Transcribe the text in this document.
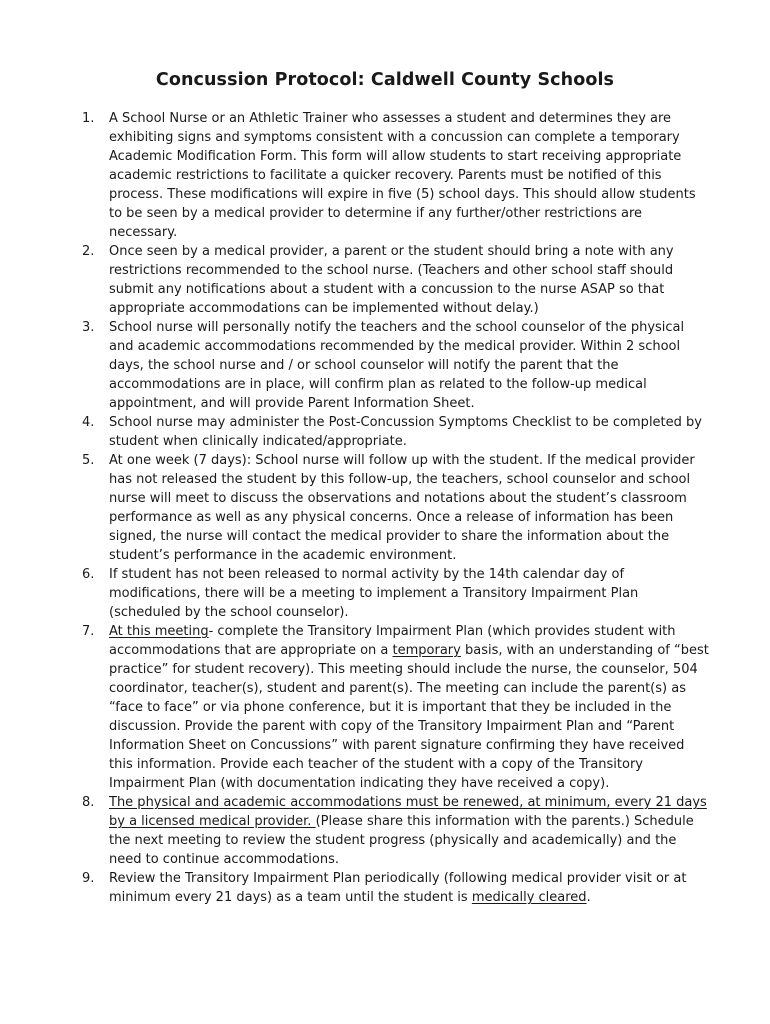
Concussion Protocol: Caldwell County Schools
1. A School Nurse or an Athletic Trainer who assesses a student and determines they are exhibiting signs and symptoms consistent with a concussion can complete a temporary Academic Modification Form. This form will allow students to start receiving appropriate academic restrictions to facilitate a quicker recovery. Parents must be notified of this process. These modifications will expire in five (5) school days. This should allow students to be seen by a medical provider to determine if any further/other restrictions are necessary.
2. Once seen by a medical provider, a parent or the student should bring a note with any restrictions recommended to the school nurse. (Teachers and other school staff should submit any notifications about a student with a concussion to the nurse ASAP so that appropriate accommodations can be implemented without delay.)
3. School nurse will personally notify the teachers and the school counselor of the physical and academic accommodations recommended by the medical provider. Within 2 school days, the school nurse and / or school counselor will notify the parent that the accommodations are in place, will confirm plan as related to the follow-up medical appointment, and will provide Parent Information Sheet.
4. School nurse may administer the Post-Concussion Symptoms Checklist to be completed by student when clinically indicated/appropriate.
5. At one week (7 days): School nurse will follow up with the student. If the medical provider has not released the student by this follow-up, the teachers, school counselor and school nurse will meet to discuss the observations and notations about the student’s classroom performance as well as any physical concerns. Once a release of information has been signed, the nurse will contact the medical provider to share the information about the student’s performance in the academic environment.
6. If student has not been released to normal activity by the 14th calendar day of modifications, there will be a meeting to implement a Transitory Impairment Plan (scheduled by the school counselor).
7. At this meeting- complete the Transitory Impairment Plan (which provides student with accommodations that are appropriate on a temporary basis, with an understanding of “best practice” for student recovery). This meeting should include the nurse, the counselor, 504 coordinator, teacher(s), student and parent(s). The meeting can include the parent(s) as “face to face” or via phone conference, but it is important that they be included in the discussion. Provide the parent with copy of the Transitory Impairment Plan and “Parent Information Sheet on Concussions” with parent signature confirming they have received this information. Provide each teacher of the student with a copy of the Transitory Impairment Plan (with documentation indicating they have received a copy).
8. The physical and academic accommodations must be renewed, at minimum, every 21 days by a licensed medical provider. (Please share this information with the parents.) Schedule the next meeting to review the student progress (physically and academically) and the need to continue accommodations.
9. Review the Transitory Impairment Plan periodically (following medical provider visit or at minimum every 21 days) as a team until the student is medically cleared.
